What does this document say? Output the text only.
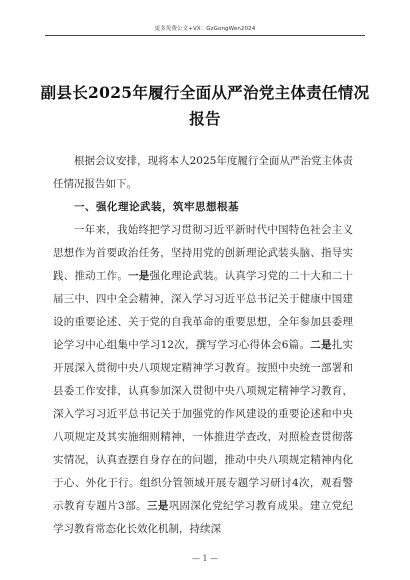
更多免费公文+VX：GzGongWen2024
副县长2025年履行全面从严治党主体责任情况报告

根据会议安排，现将本人2025年度履行全面从严治党主体责任情况报告如下。

一、强化理论武装，筑牢思想根基

一年来，我始终把学习贯彻习近平新时代中国特色社会主义思想作为首要政治任务，坚持用党的创新理论武装头脑、指导实践、推动工作。一是强化理论武装。认真学习党的二十大和二十届三中、四中全会精神，深入学习习近平总书记关于健康中国建设的重要论述、关于党的自我革命的重要思想，全年参加县委理论学习中心组集中学习12次，撰写学习心得体会6篇。二是扎实开展深入贯彻中央八项规定精神学习教育。按照中央统一部署和县委工作安排，认真参加深入贯彻中央八项规定精神学习教育，深入学习习近平总书记关于加强党的作风建设的重要论述和中央八项规定及其实施细则精神，一体推进学查改，对照检查贯彻落实情况，认真查摆自身存在的问题，推动中央八项规定精神内化于心、外化于行。组织分管领域开展专题学习研讨4次，观看警示教育专题片3部。三是巩固深化党纪学习教育成果。建立党纪学习教育常态化长效化机制，持续深

— 1 —
